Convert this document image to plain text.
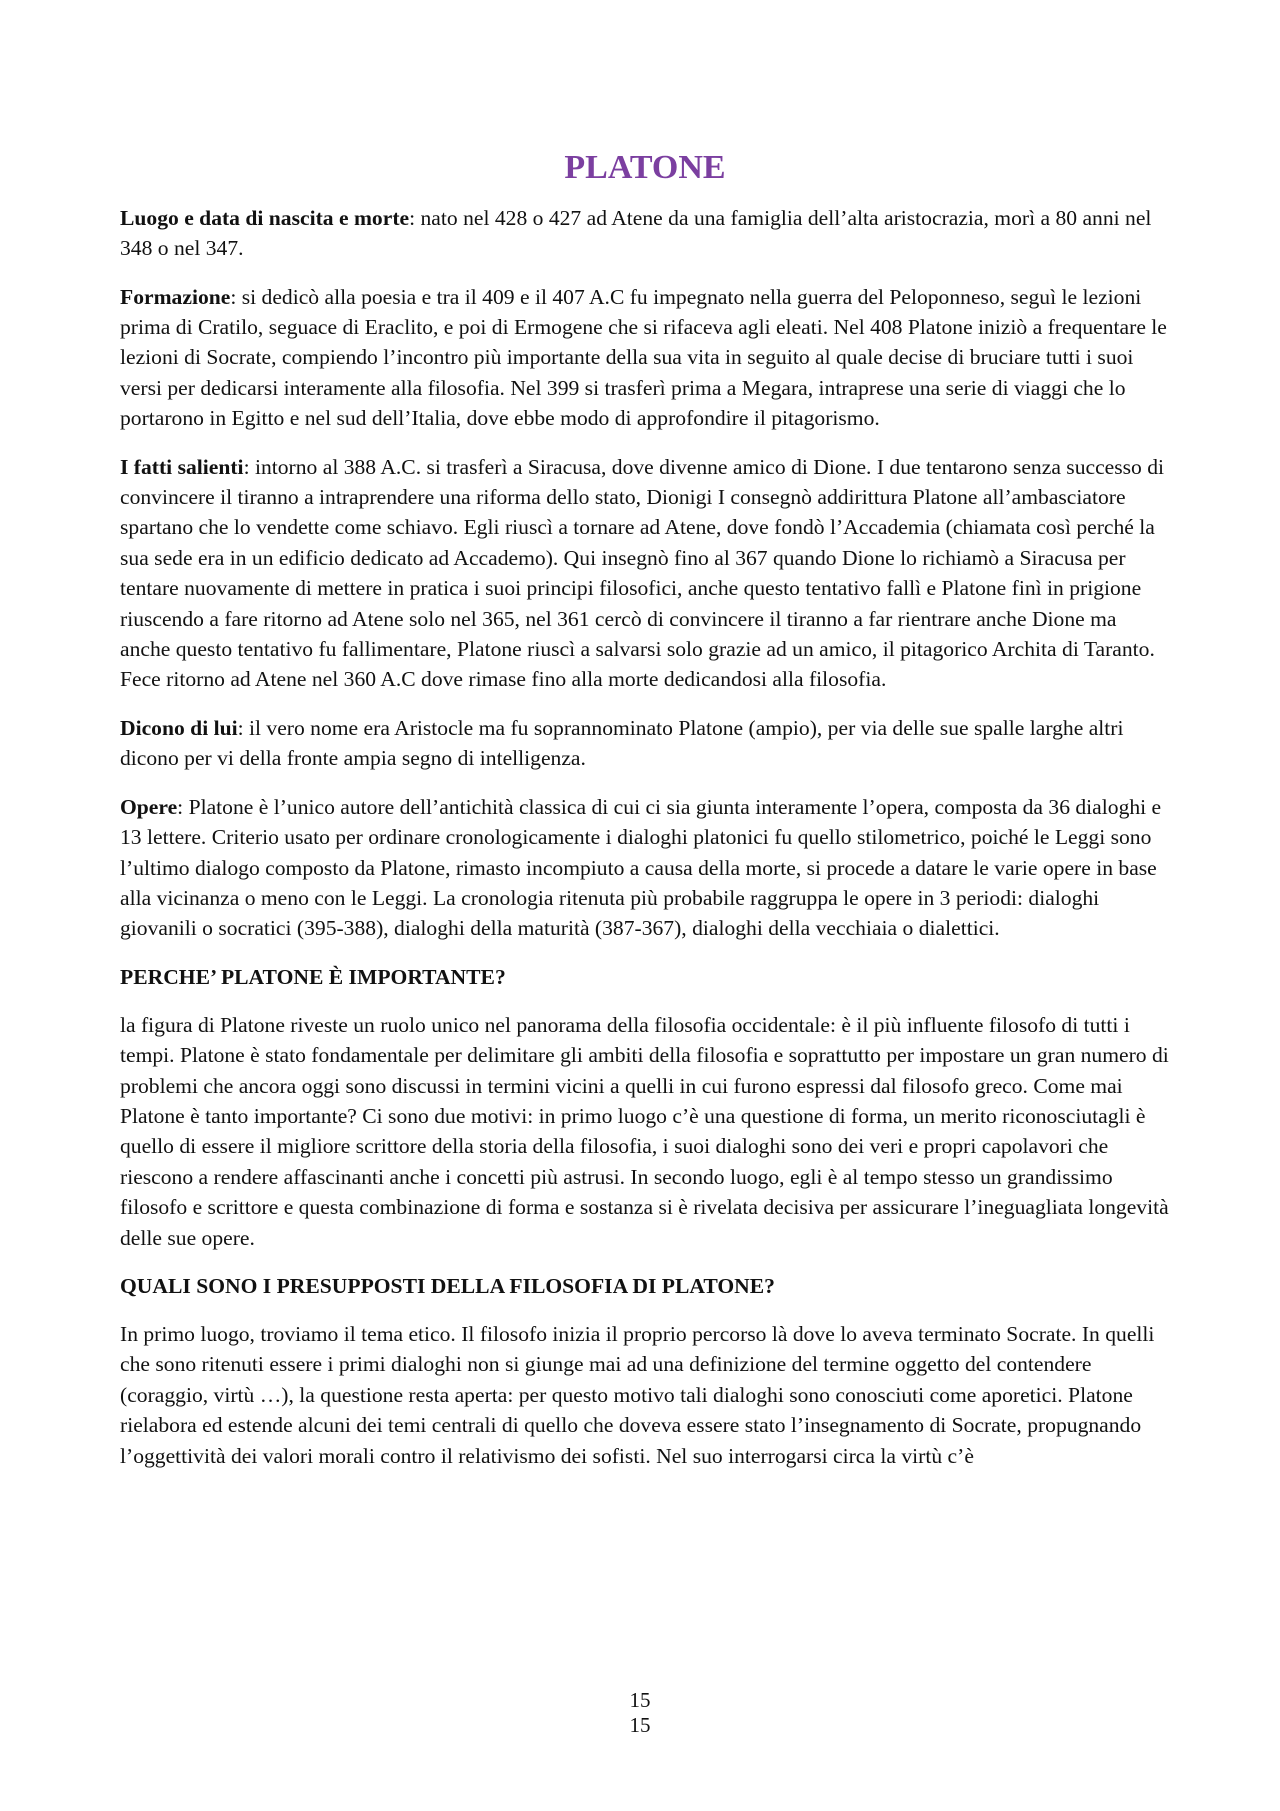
PLATONE

Luogo e data di nascita e morte: nato nel 428 o 427 ad Atene da una famiglia dell’alta aristocrazia, morì a 80 anni nel 348 o nel 347.

Formazione: si dedicò alla poesia e tra il 409 e il 407 A.C fu impegnato nella guerra del Peloponneso, seguì le lezioni prima di Cratilo, seguace di Eraclito, e poi di Ermogene che si rifaceva agli eleati. Nel 408 Platone iniziò a frequentare le lezioni di Socrate, compiendo l’incontro più importante della sua vita in seguito al quale decise di bruciare tutti i suoi versi per dedicarsi interamente alla filosofia. Nel 399 si trasferì prima a Megara, intraprese una serie di viaggi che lo portarono in Egitto e nel sud dell’Italia, dove ebbe modo di approfondire il pitagorismo.

I fatti salienti: intorno al 388 A.C. si trasferì a Siracusa, dove divenne amico di Dione. I due tentarono senza successo di convincere il tiranno a intraprendere una riforma dello stato, Dionigi I consegnò addirittura Platone all’ambasciatore spartano che lo vendette come schiavo. Egli riuscì a tornare ad Atene, dove fondò l’Accademia (chiamata così perché la sua sede era in un edificio dedicato ad Accademo). Qui insegnò fino al 367 quando Dione lo richiamò a Siracusa per tentare nuovamente di mettere in pratica i suoi principi filosofici, anche questo tentativo fallì e Platone finì in prigione riuscendo a fare ritorno ad Atene solo nel 365, nel 361 cercò di convincere il tiranno a far rientrare anche Dione ma anche questo tentativo fu fallimentare, Platone riuscì a salvarsi solo grazie ad un amico, il pitagorico Archita di Taranto. Fece ritorno ad Atene nel 360 A.C dove rimase fino alla morte dedicandosi alla filosofia.

Dicono di lui: il vero nome era Aristocle ma fu soprannominato Platone (ampio), per via delle sue spalle larghe altri dicono per vi della fronte ampia segno di intelligenza.

Opere: Platone è l’unico autore dell’antichità classica di cui ci sia giunta interamente l’opera, composta da 36 dialoghi e 13 lettere. Criterio usato per ordinare cronologicamente i dialoghi platonici fu quello stilometrico, poiché le Leggi sono l’ultimo dialogo composto da Platone, rimasto incompiuto a causa della morte, si procede a datare le varie opere in base alla vicinanza o meno con le Leggi. La cronologia ritenuta più probabile raggruppa le opere in 3 periodi: dialoghi giovanili o socratici (395-388), dialoghi della maturità (387-367), dialoghi della vecchiaia o dialettici.

PERCHE’ PLATONE È IMPORTANTE?

la figura di Platone riveste un ruolo unico nel panorama della filosofia occidentale: è il più influente filosofo di tutti i tempi. Platone è stato fondamentale per delimitare gli ambiti della filosofia e soprattutto per impostare un gran numero di problemi che ancora oggi sono discussi in termini vicini a quelli in cui furono espressi dal filosofo greco. Come mai Platone è tanto importante? Ci sono due motivi: in primo luogo c’è una questione di forma, un merito riconosciutagli è quello di essere il migliore scrittore della storia della filosofia, i suoi dialoghi sono dei veri e propri capolavori che riescono a rendere affascinanti anche i concetti più astrusi. In secondo luogo, egli è al tempo stesso un grandissimo filosofo e scrittore e questa combinazione di forma e sostanza si è rivelata decisiva per assicurare l’ineguagliata longevità delle sue opere.

QUALI SONO I PRESUPPOSTI DELLA FILOSOFIA DI PLATONE?

In primo luogo, troviamo il tema etico. Il filosofo inizia il proprio percorso là dove lo aveva terminato Socrate. In quelli che sono ritenuti essere i primi dialoghi non si giunge mai ad una definizione del termine oggetto del contendere (coraggio, virtù …), la questione resta aperta: per questo motivo tali dialoghi sono conosciuti come aporetici. Platone rielabora ed estende alcuni dei temi centrali di quello che doveva essere stato l’insegnamento di Socrate, propugnando l’oggettività dei valori morali contro il relativismo dei sofisti. Nel suo interrogarsi circa la virtù c’è

15
15
